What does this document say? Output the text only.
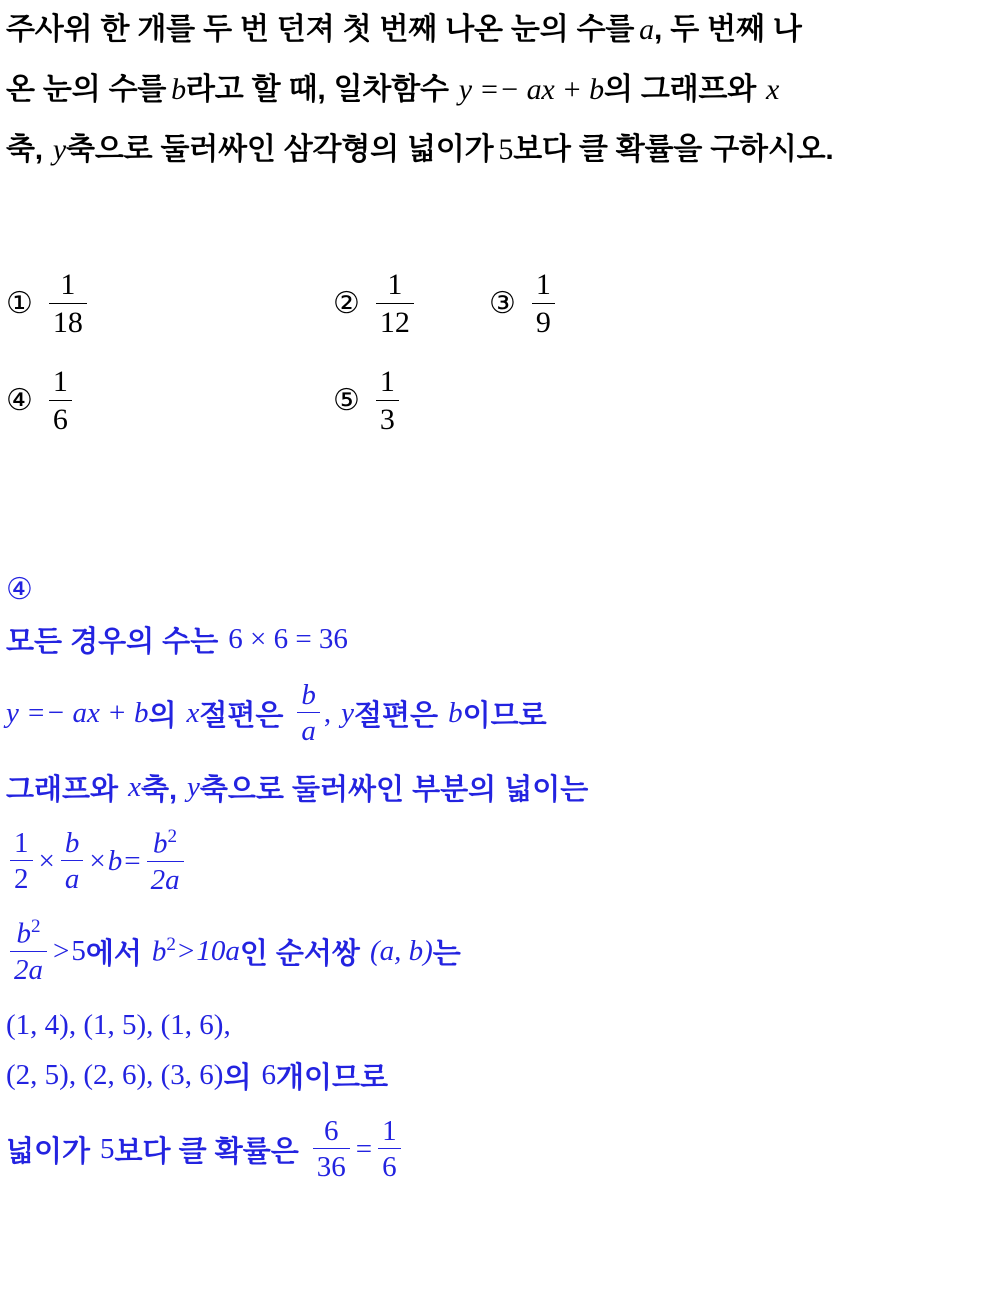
주사위 한 개를 두 번 던져 첫 번째 나온 눈의 수를 a, 두 번째 나
온 눈의 수를 b라고 할 때, 일차함수 y =− ax + b의 그래프와 x
축, y축으로 둘러싸인 삼각형의 넓이가 5보다 클 확률을 구하시오.
① $\frac{1}{18}$	② $\frac{1}{12}$	③ $\frac{1}{9}$
④ $\frac{1}{6}$	⑤ $\frac{1}{3}$
④
모든 경우의 수는 6 × 6 = 36
y =− ax + b 의 x 절편은 $\frac{b}{a}$ , y 절편은 b 이므로
그래프와 x 축, y 축으로 둘러싸인 부분의 넓이는
$\frac{1}{2} \times \frac{b}{a} \times b = \frac{b^2}{2a}$
$\frac{b^2}{2a} > 5$ 에서 $b^2 > 10a$ 인 순서쌍 (a, b) 는
(1, 4), (1, 5), (1, 6),
(2, 5), (2, 6), (3, 6) 의 6 개이므로
넓이가 5 보다 클 확률은 $\frac{6}{36} = \frac{1}{6}$
